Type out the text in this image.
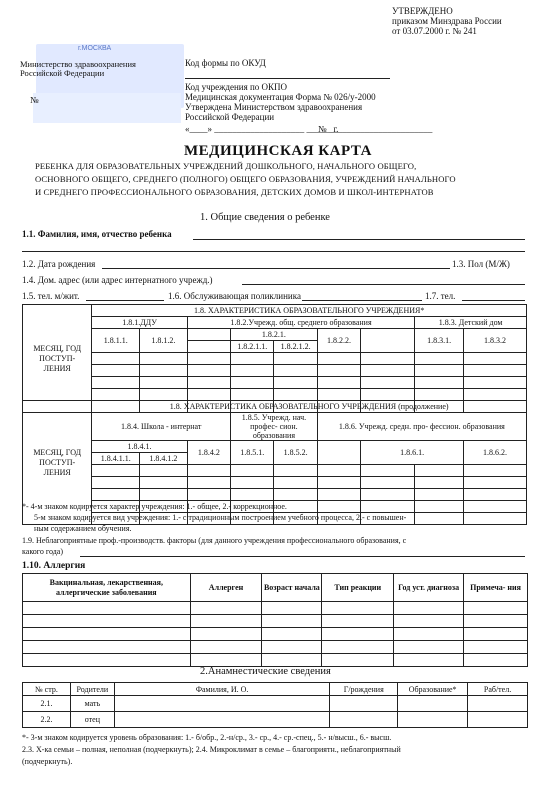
УТВЕРЖДЕНО
приказом Минздрава России
от 03.07.2000 г. № 241
г.МОСКВА
Министерство здравоохранения Российской Федерации
№
Код формы по ОКУД
Код учреждения по ОКПО
Медицинская документация Форма № 026/у-2000
Утверждена Министерством здравоохранения
Российской Федерации
«____» ____________________ ______г.
№ _______________________
МЕДИЦИНСКАЯ КАРТА
РЕБЕНКА ДЛЯ ОБРАЗОВАТЕЛЬНЫХ УЧРЕЖДЕНИЙ ДОШКОЛЬНОГО, НАЧАЛЬНОГО ОБЩЕГО,
ОСНОВНОГО ОБЩЕГО, СРЕДНЕГО (ПОЛНОГО) ОБЩЕГО ОБРАЗОВАНИЯ, УЧРЕЖДЕНИЙ НАЧАЛЬНОГО
И СРЕДНЕГО ПРОФЕССИОНАЛЬНОГО ОБРАЗОВАНИЯ, ДЕТСКИХ ДОМОВ И ШКОЛ-ИНТЕРНАТОВ
1. Общие сведения о ребенке
1.1. Фамилия, имя, отчество ребенка
1.2. Дата рождения	1.3. Пол (М/Ж)
1.4. Дом. адрес (или адрес интернатного учрежд.)
1.5. тел. м/жит.	1.6. Обслуживающая поликлиника	1.7. тел.
МЕСЯЦ, ГОД ПОСТУП- ЛЕНИЯ	1.8. ХАРАКТЕРИСТИКА ОБРАЗОВАТЕЛЬНОГО УЧРЕЖДЕНИЯ*								
	1.8.1.ДДУ		1.8.2.Учрежд. общ. среднего образования					1.8.3. Детский дом	
	1.8.1.1.	1.8.1.2.		1.8.2.1.		1.8.2.2.		1.8.3.1.	1.8.3.2
				1.8.2.1.1.	1.8.2.1.2.				

МЕСЯЦ, ГОД ПОСТУП- ЛЕНИЯ	1.8. ХАРАКТЕРИСТИКА ОБРАЗОВАТЕЛЬНОГО УЧРЕЖДЕНИЯ (продолжение)								
	1.8.4. Школа - интернат			1.8.5. Учрежд. нач. профес- сион. образования		1.8.6. Учрежд. средн. про- фессион. образования			
	1.8.4.1.		1.8.4.2	1.8.5.1.	1.8.5.2.		1.8.6.1.		1.8.6.2.
	1.8.4.1.1.	1.8.4.1.2							

*- 4-м знаком кодируется характер учреждения: 1.- общее, 2.- коррекционное.
5-м знаком кодируется вид учреждения: 1.- с традиционным построением учебного процесса, 2.- с повышен-
ным содержанием обучения.
1.9. Неблагоприятные проф.-производств. факторы (для данного учреждения профессионального образования, с
какого года)
1.10. Аллергия
Вакцинальная, лекарственная, аллергические заболевания	Аллерген	Возраст начала	Тип реакции	Год уст. диагноза	Примеча- ния

2.Анамнестические сведения
№ стр.	Родители	Фамилия, И. О.	Г/рождения	Образование*	Раб/тел.
2.1.	мать				
2.2.	отец				
*- 3-м знаком кодируется уровень образования: 1.- б/обр., 2.-н/ср., 3.- ср., 4.- ср.-спец., 5.- н/высш., 6.- высш.
2.3. Х-ка семьи – полная, неполная (подчеркнуть); 2.4. Микроклимат в семье – благоприятн., неблагоприятный
(подчеркнуть).
